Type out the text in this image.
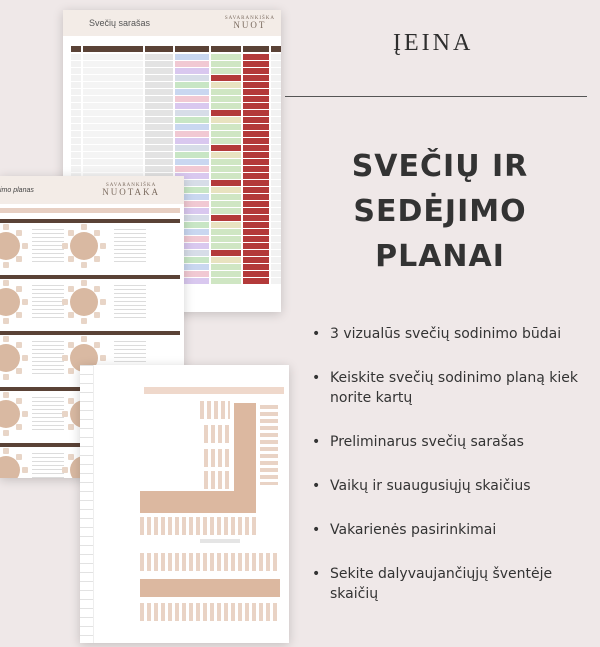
Svečių sarašas	SAVARANKIŠKA
NUOT
imo planas
SAVARANKIŠKA
NUOTAKA
ĮEINA
SVEČIŲ IR
SEDĖJIMO
PLANAI
• 3 vizualūs svečių sodinimo būdai
• Keiskite svečių sodinimo planą kiek norite kartų
• Preliminarus svečių sarašas
• Vaikų ir suaugusiųjų skaičius
• Vakarienės pasirinkimai
• Sekite dalyvaujančiųjų šventėje skaičių
